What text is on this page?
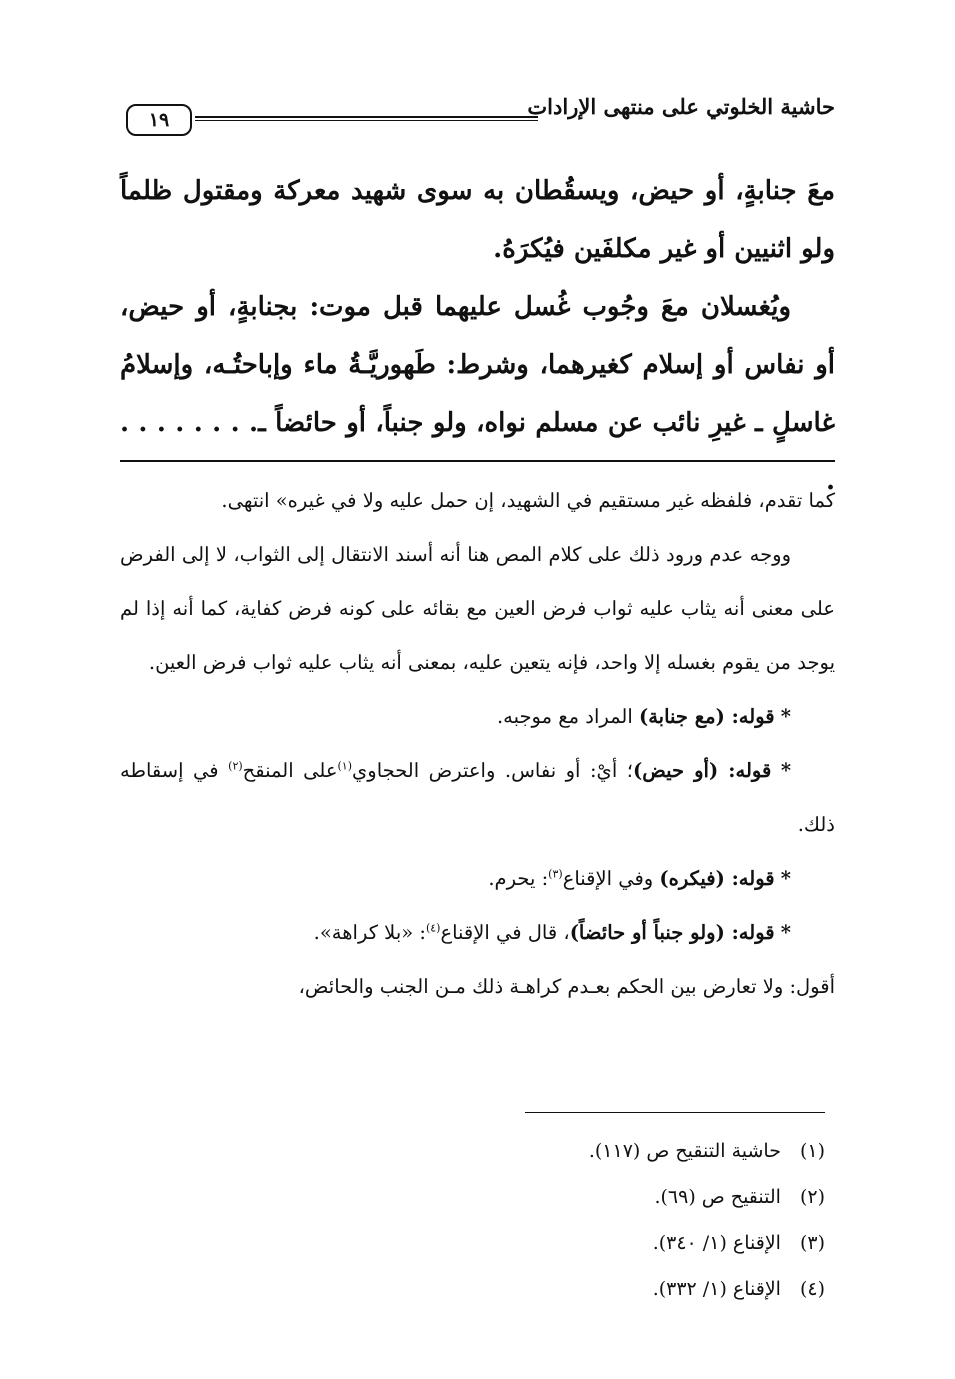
حاشية الخلوتي على منتهى الإرادات
١٩

معَ جنابةٍ، أو حيض، ويسقُطان به سوى شهيد معركة ومقتول ظلماً ولو اثنيين أو غير مكلفَين فيُكرَهُ.

ويُغسلان معَ وجُوب غُسل عليهما قبل موت: بجنابةٍ، أو حيض، أو نفاس أو إسلام كغيرهما، وشرط: طَهوريَّـةُ ماء وإباحتُـه، وإسلامُ غاسلٍ ـ غيرِ نائب عن مسلم نواه، ولو جنباً، أو حائضاً ـ. . . . . . . . .

كما تقدم، فلفظه غير مستقيم في الشهيد، إن حمل عليه ولا في غيره» انتهى.

ووجه عدم ورود ذلك على كلام المص هنا أنه أسند الانتقال إلى الثواب، لا إلى الفرض على معنى أنه يثاب عليه ثواب فرض العين مع بقائه على كونه فرض كفاية، كما أنه إذا لم يوجد من يقوم بغسله إلا واحد، فإنه يتعين عليه، بمعنى أنه يثاب عليه ثواب فرض العين.

* قوله: (مع جنابة) المراد مع موجبه.

* قوله: (أو حيض)؛ أيْ: أو نفاس. واعترض الحجاوي$^{(١)}$على المنقح$^{(٢)}$ في إسقاطه ذلك.

* قوله: (فيكره) وفي الإقناع$^{(٣)}$: يحرم.

* قوله: (ولو جنباً أو حائضاً)، قال في الإقناع$^{(٤)}$: «بلا كراهة».

أقول: ولا تعارض بين الحكم بعـدم كراهـة ذلك مـن الجنب والحائض،

(١) حاشية التنقيح ص (١١٧).
(٢) التنقيح ص (٦٩).
(٣) الإقناع (١/ ٣٤٠).
(٤) الإقناع (١/ ٣٣٢).
